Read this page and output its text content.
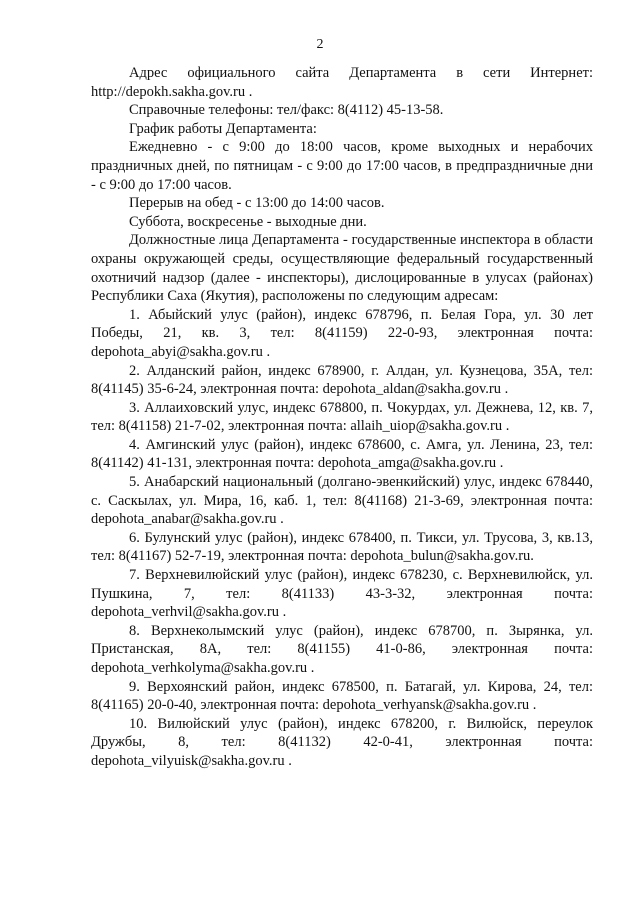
2

Адрес официального сайта Департамента в сети Интернет: http://depokh.sakha.gov.ru .

Справочные телефоны: тел/факс: 8(4112) 45-13-58.

График работы Департамента:

Ежедневно - с 9:00 до 18:00 часов, кроме выходных и нерабочих праздничных дней, по пятницам - с 9:00 до 17:00 часов, в предпраздничные дни - с 9:00 до 17:00 часов.

Перерыв на обед - с 13:00 до 14:00 часов.

Суббота, воскресенье - выходные дни.

Должностные лица Департамента - государственные инспектора в области охраны окружающей среды, осуществляющие федеральный государственный охотничий надзор (далее - инспекторы), дислоцированные в улусах (районах) Республики Саха (Якутия), расположены по следующим адресам:

1. Абыйский улус (район), индекс 678796, п. Белая Гора, ул. 30 лет Победы, 21, кв. 3, тел: 8(41159) 22-0-93, электронная почта: depohota_abyi@sakha.gov.ru .

2. Алданский район, индекс 678900, г. Алдан, ул. Кузнецова, 35А, тел: 8(41145) 35-6-24, электронная почта: depohota_aldan@sakha.gov.ru .

3. Аллаиховский улус, индекс 678800, п. Чокурдах, ул. Дежнева, 12, кв. 7, тел: 8(41158) 21-7-02, электронная почта: allaih_uiop@sakha.gov.ru .

4. Амгинский улус (район), индекс 678600, с. Амга, ул. Ленина, 23, тел: 8(41142) 41-131, электронная почта: depohota_amga@sakha.gov.ru .

5. Анабарский национальный (долгано-эвенкийский) улус, индекс 678440, с. Саскылах, ул. Мира, 16, каб. 1, тел: 8(41168) 21-3-69, электронная почта: depohota_anabar@sakha.gov.ru .

6. Булунский улус (район), индекс 678400, п. Тикси, ул. Трусова, 3, кв.13, тел: 8(41167) 52-7-19, электронная почта: depohota_bulun@sakha.gov.ru.

7. Верхневилюйский улус (район), индекс 678230, с. Верхневилюйск, ул. Пушкина, 7, тел: 8(41133) 43-3-32, электронная почта: depohota_verhvil@sakha.gov.ru .

8. Верхнеколымский улус (район), индекс 678700, п. Зырянка, ул. Пристанская, 8А, тел: 8(41155) 41-0-86, электронная почта: depohota_verhkolyma@sakha.gov.ru .

9. Верхоянский район, индекс 678500, п. Батагай, ул. Кирова, 24, тел: 8(41165) 20-0-40, электронная почта: depohota_verhyansk@sakha.gov.ru .

10. Вилюйский улус (район), индекс 678200, г. Вилюйск, переулок Дружбы, 8, тел: 8(41132) 42-0-41, электронная почта: depohota_vilyuisk@sakha.gov.ru .
